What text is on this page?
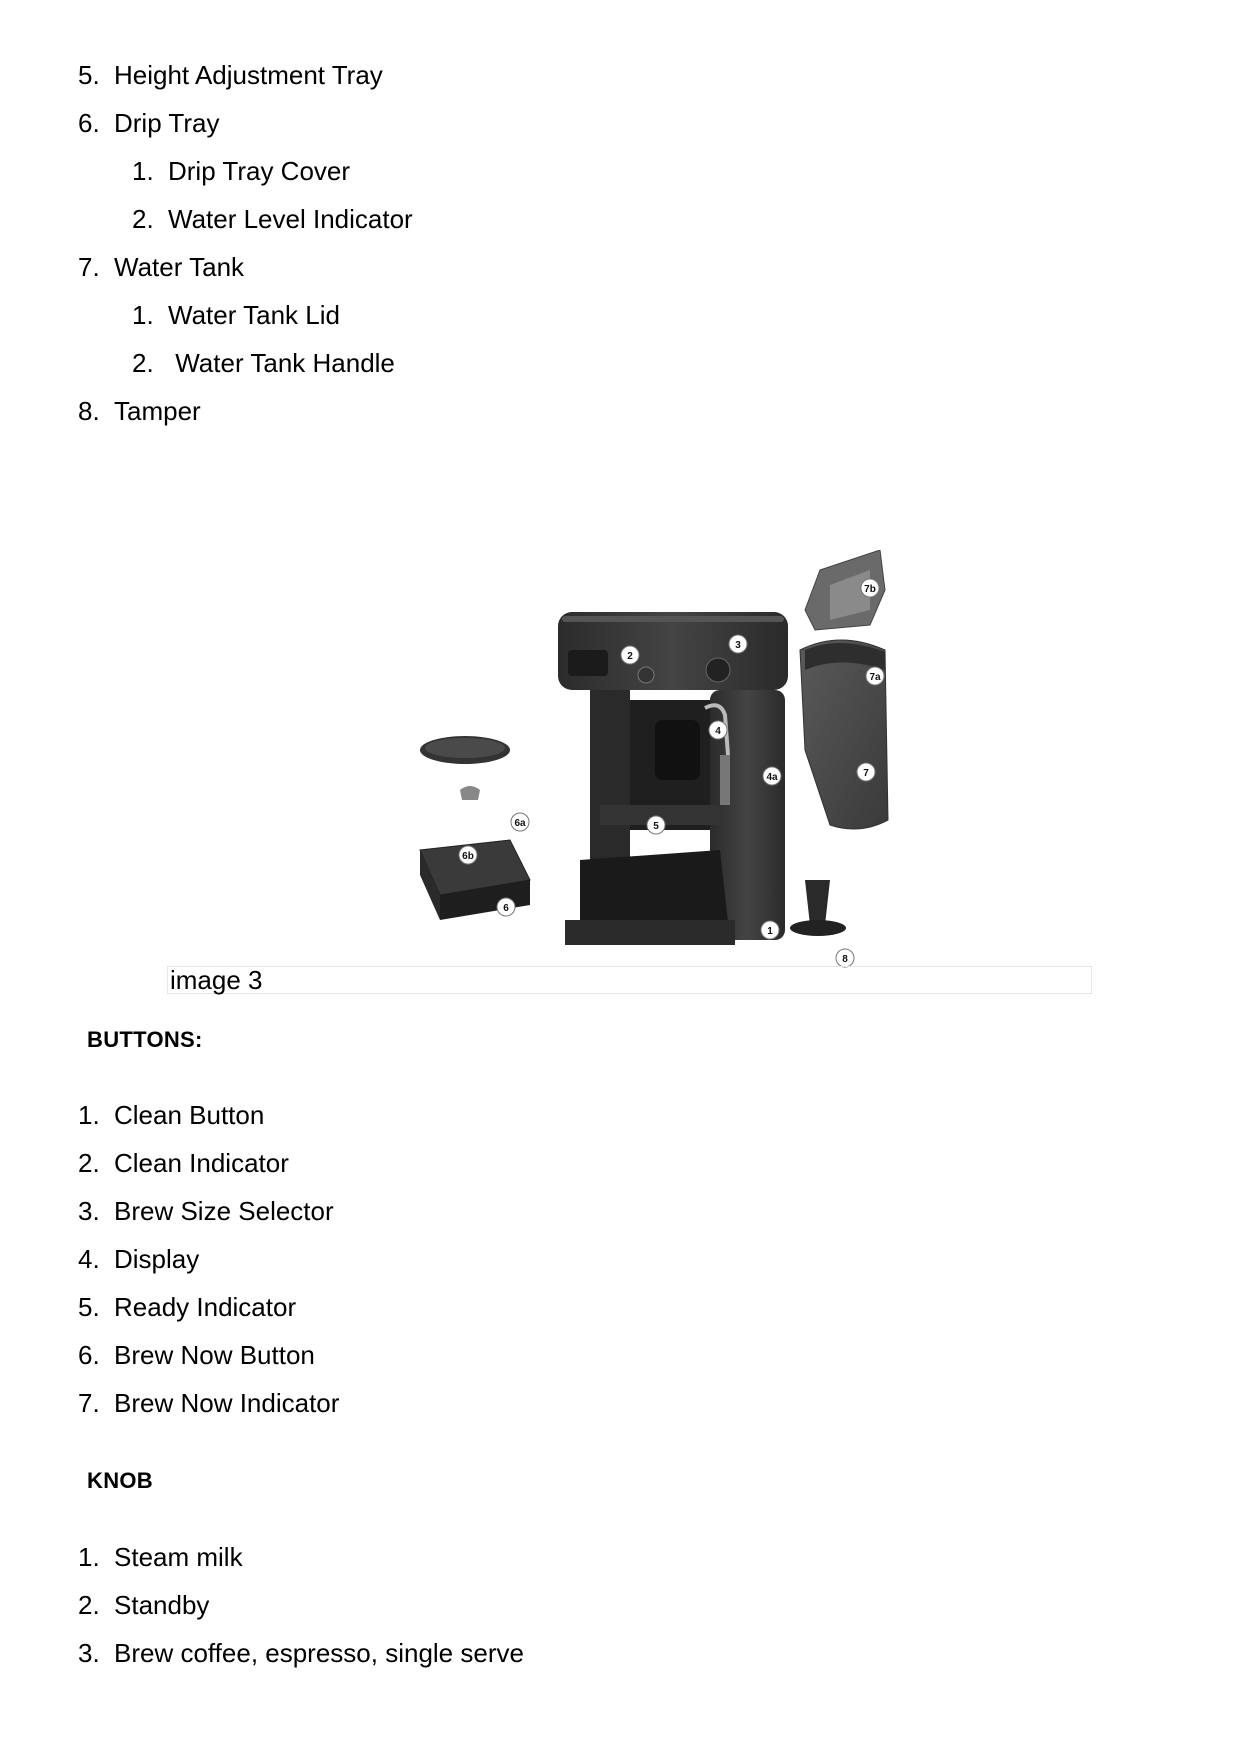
5. Height Adjustment Tray
6. Drip Tray
1. Drip Tray Cover
2. Water Level Indicator
7. Water Tank
1. Water Tank Lid
2. Water Tank Handle
8. Tamper
1
2
3
4
4a
5
6
6a
6b
7
7a
7b
8
image 3
BUTTONS:
1. Clean Button
2. Clean Indicator
3. Brew Size Selector
4. Display
5. Ready Indicator
6. Brew Now Button
7. Brew Now Indicator
KNOB
1. Steam milk
2. Standby
3. Brew coffee, espresso, single serve
